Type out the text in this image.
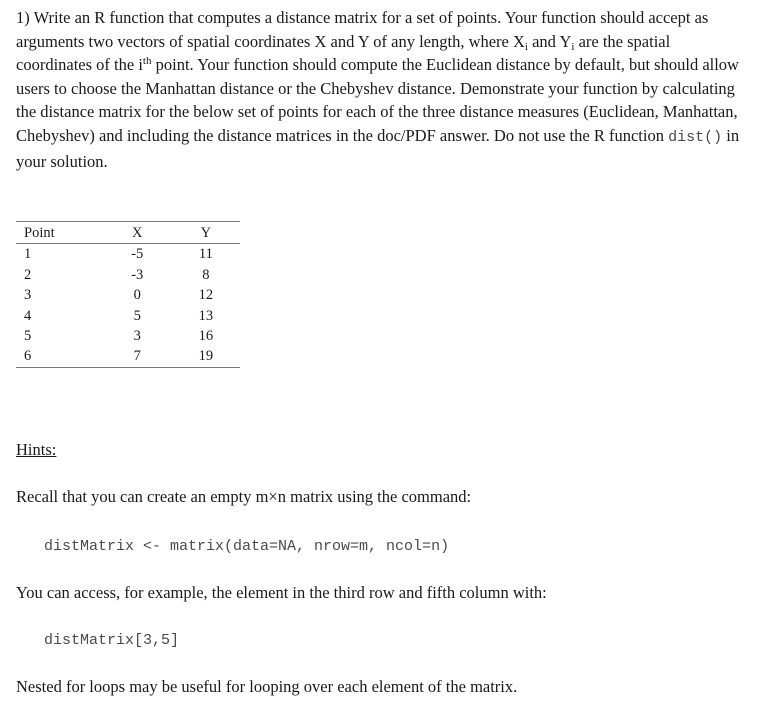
1) Write an R function that computes a distance matrix for a set of points. Your function should accept as arguments two vectors of spatial coordinates X and Y of any length, where $X_i$ and $Y_i$ are the spatial coordinates of the $i^{th}$ point. Your function should compute the Euclidean distance by default, but should allow users to choose the Manhattan distance or the Chebyshev distance. Demonstrate your function by calculating the distance matrix for the below set of points for each of the three distance measures (Euclidean, Manhattan, Chebyshev) and including the distance matrices in the doc/PDF answer. Do not use the R function dist() in your solution.

Point	X	Y
1	-5	11
2	-3	8
3	0	12
4	5	13
5	3	16
6	7	19

Hints:

Recall that you can create an empty m×n matrix using the command:

distMatrix <- matrix(data=NA, nrow=m, ncol=n)

You can access, for example, the element in the third row and fifth column with:

distMatrix[3,5]

Nested for loops may be useful for looping over each element of the matrix.
